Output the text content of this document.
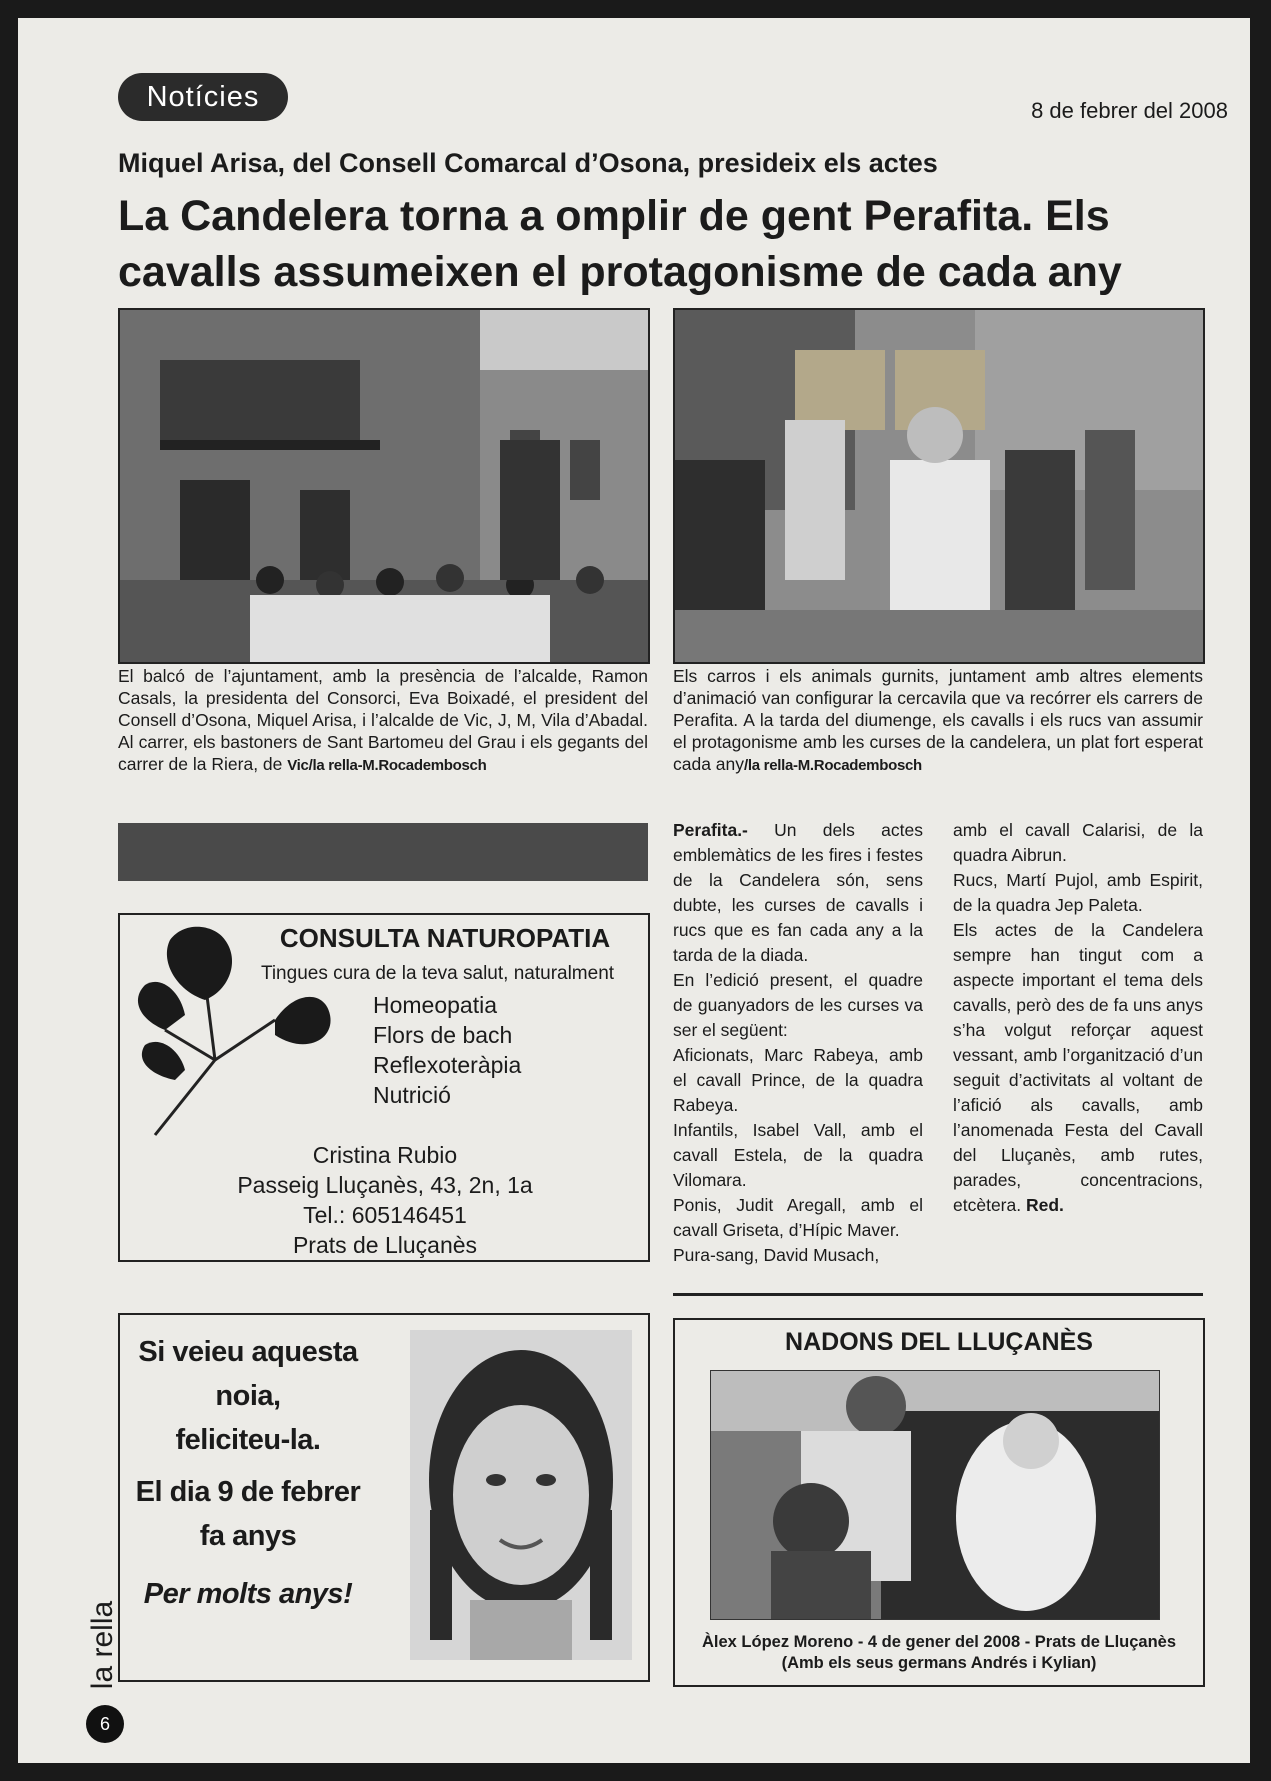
Notícies	8 de febrer del 2008
Miquel Arisa, del Consell Comarcal d’Osona, presideix els actes
La Candelera torna a omplir de gent Perafita. Els cavalls assumeixen el protagonisme de cada any
El balcó de l’ajuntament, amb la presència de l’alcalde, Ramon Casals, la presidenta del Consorci, Eva Boixadé, el president del Consell d’Osona, Miquel Arisa, i l’alcalde de Vic, J, M, Vila d’Abadal. Al carrer, els bastoners de Sant Bartomeu del Grau i els gegants del carrer de la Riera, de Vic/la rella-M.Rocadembosch
Els carros i els animals gurnits, juntament amb altres elements d’animació van configurar la cercavila que va recórrer els carrers de Perafita. A la tarda del diumenge, els cavalls i els rucs van assumir el protagonisme amb les curses de la candelera, un plat fort esperat cada any/la rella-M.Rocadembosch

Perafita.- Un dels actes emblemàtics de les fires i festes de la Candelera són, sens dubte, les curses de cavalls i rucs que es fan cada any a la tarda de la diada.

En l’edició present, el quadre de guanyadors de les curses va ser el següent:

Aficionats, Marc Rabeya, amb el cavall Prince, de la quadra Rabeya.

Infantils, Isabel Vall, amb el cavall Estela, de la quadra Vilomara.

Ponis, Judit Aregall, amb el cavall Griseta, d’Hípic Maver.

Pura-sang, David Musach,

amb el cavall Calarisi, de la quadra Aibrun.

Rucs, Martí Pujol, amb Espirit, de la quadra Jep Paleta.

Els actes de la Candelera sempre han tingut com a aspecte important el tema dels cavalls, però des de fa uns anys s’ha volgut reforçar aquest vessant, amb l’organització d’un seguit d’activitats al voltant de l’afició als cavalls, amb l’anomenada Festa del Cavall del Lluçanès, amb rutes, parades, concentracions, etcètera. Red.

CONSULTA NATUROPATIA
Tingues cura de la teva salut, naturalment
Homeopatia
Flors de bach
Reflexoteràpia
Nutrició
Cristina Rubio
Passeig Lluçanès, 43, 2n, 1a
Tel.: 605146451
Prats de Lluçanès
Si veieu aquesta
noia,
feliciteu-la.
El dia 9 de febrer
fa anys
Per molts anys!
NADONS DEL LLUÇANÈS
Àlex López Moreno - 4 de gener del 2008 - Prats de Lluçanès
(Amb els seus germans Andrés i Kylian)
la rella
6
